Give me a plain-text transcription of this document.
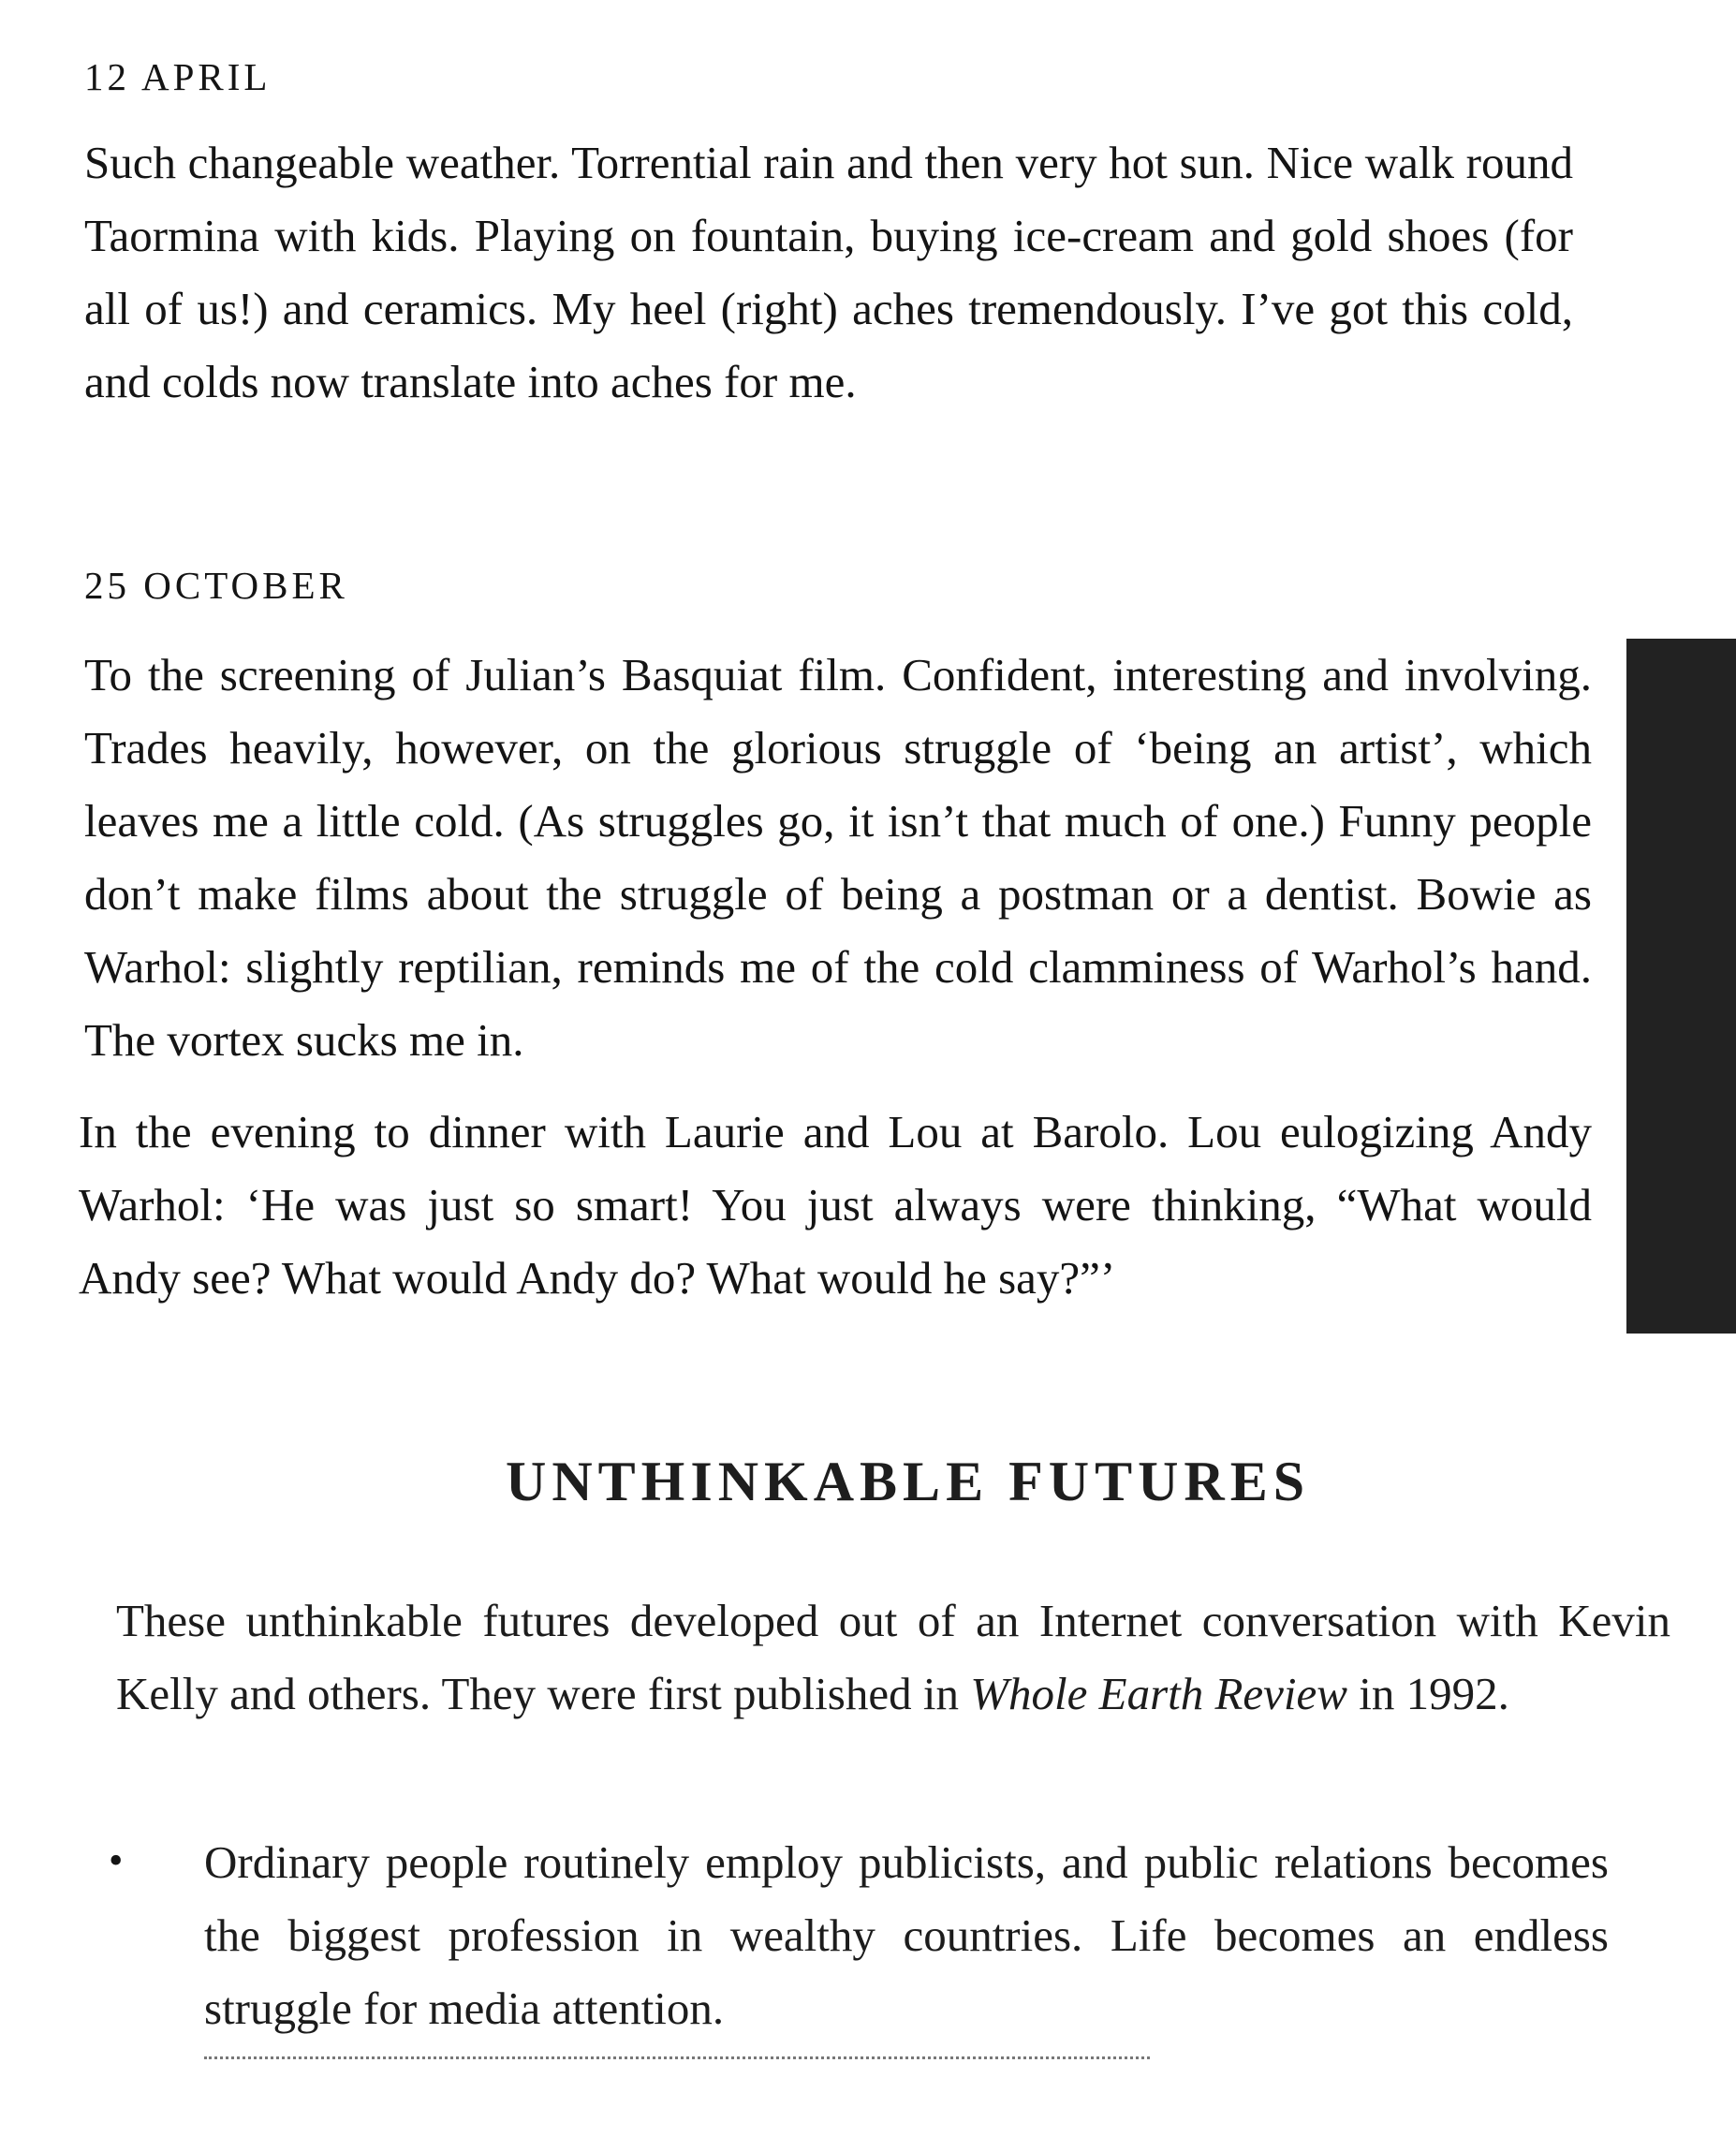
12 APRIL

Such changeable weather. Torrential rain and then very hot sun. Nice walk round Taormina with kids. Playing on fountain, buying ice-cream and gold shoes (for all of us!) and ceramics. My heel (right) aches tremendously. I’ve got this cold, and colds now translate into aches for me.

25 OCTOBER

To the screening of Julian’s Basquiat film. Confident, interesting and involving. Trades heavily, however, on the glorious struggle of ‘being an artist’, which leaves me a little cold. (As struggles go, it isn’t that much of one.) Funny people don’t make films about the struggle of being a postman or a dentist. Bowie as Warhol: slightly reptilian, reminds me of the cold clamminess of Warhol’s hand. The vortex sucks me in.

In the evening to dinner with Laurie and Lou at Barolo. Lou eulogizing Andy Warhol: ‘He was just so smart! You just always were thinking, “What would Andy see? What would Andy do? What would he say?”’

UNTHINKABLE FUTURES

These unthinkable futures developed out of an Internet conversation with Kevin Kelly and others. They were first published in Whole Earth Review in 1992.

• Ordinary people routinely employ publicists, and public relations becomes the biggest profession in wealthy countries. Life becomes an endless struggle for media attention.
